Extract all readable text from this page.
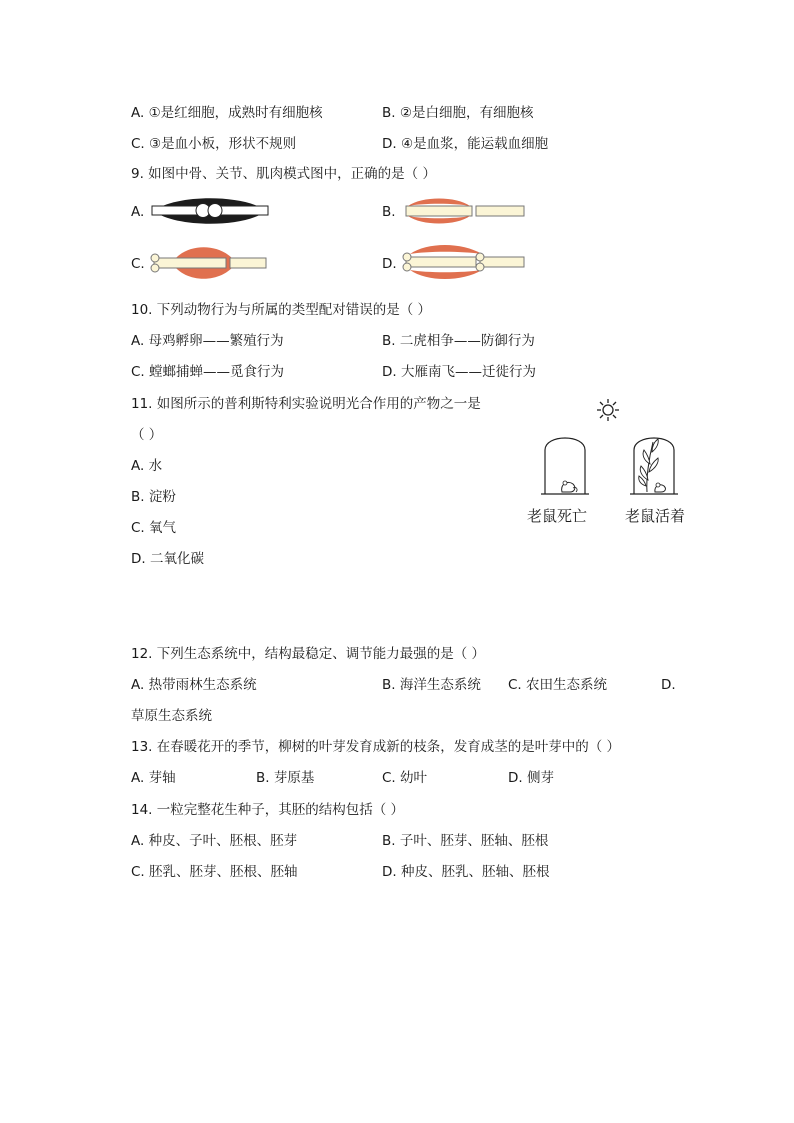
A. ①是红细胞，成熟时有细胞核	B. ②是白细胞，有细胞核
C. ③是血小板，形状不规则	D. ④是血浆，能运载血细胞
9. 如图中骨、关节、肌肉模式图中，正确的是（ ）
A.	B.
C.	D.
10. 下列动物行为与所属的类型配对错误的是（ ）
A. 母鸡孵卵——繁殖行为	B. 二虎相争——防御行为
C. 螳螂捕蝉——觅食行为	D. 大雁南飞——迁徙行为
11. 如图所示的普利斯特利实验说明光合作用的产物之一是
（ ）
A. 水
B. 淀粉
C. 氧气
D. 二氧化碳
老鼠死亡	老鼠活着
12. 下列生态系统中，结构最稳定、调节能力最强的是（ ）
A. 热带雨林生态系统	B. 海洋生态系统 C. 农田生态系统	D.
草原生态系统
13. 在春暖花开的季节，柳树的叶芽发育成新的枝条，发育成茎的是叶芽中的（ ）
A. 芽轴	B. 芽原基	C. 幼叶	D. 侧芽
14. 一粒完整花生种子，其胚的结构包括（ ）
A. 种皮、子叶、胚根、胚芽	B. 子叶、胚芽、胚轴、胚根
C. 胚乳、胚芽、胚根、胚轴	D. 种皮、胚乳、胚轴、胚根
